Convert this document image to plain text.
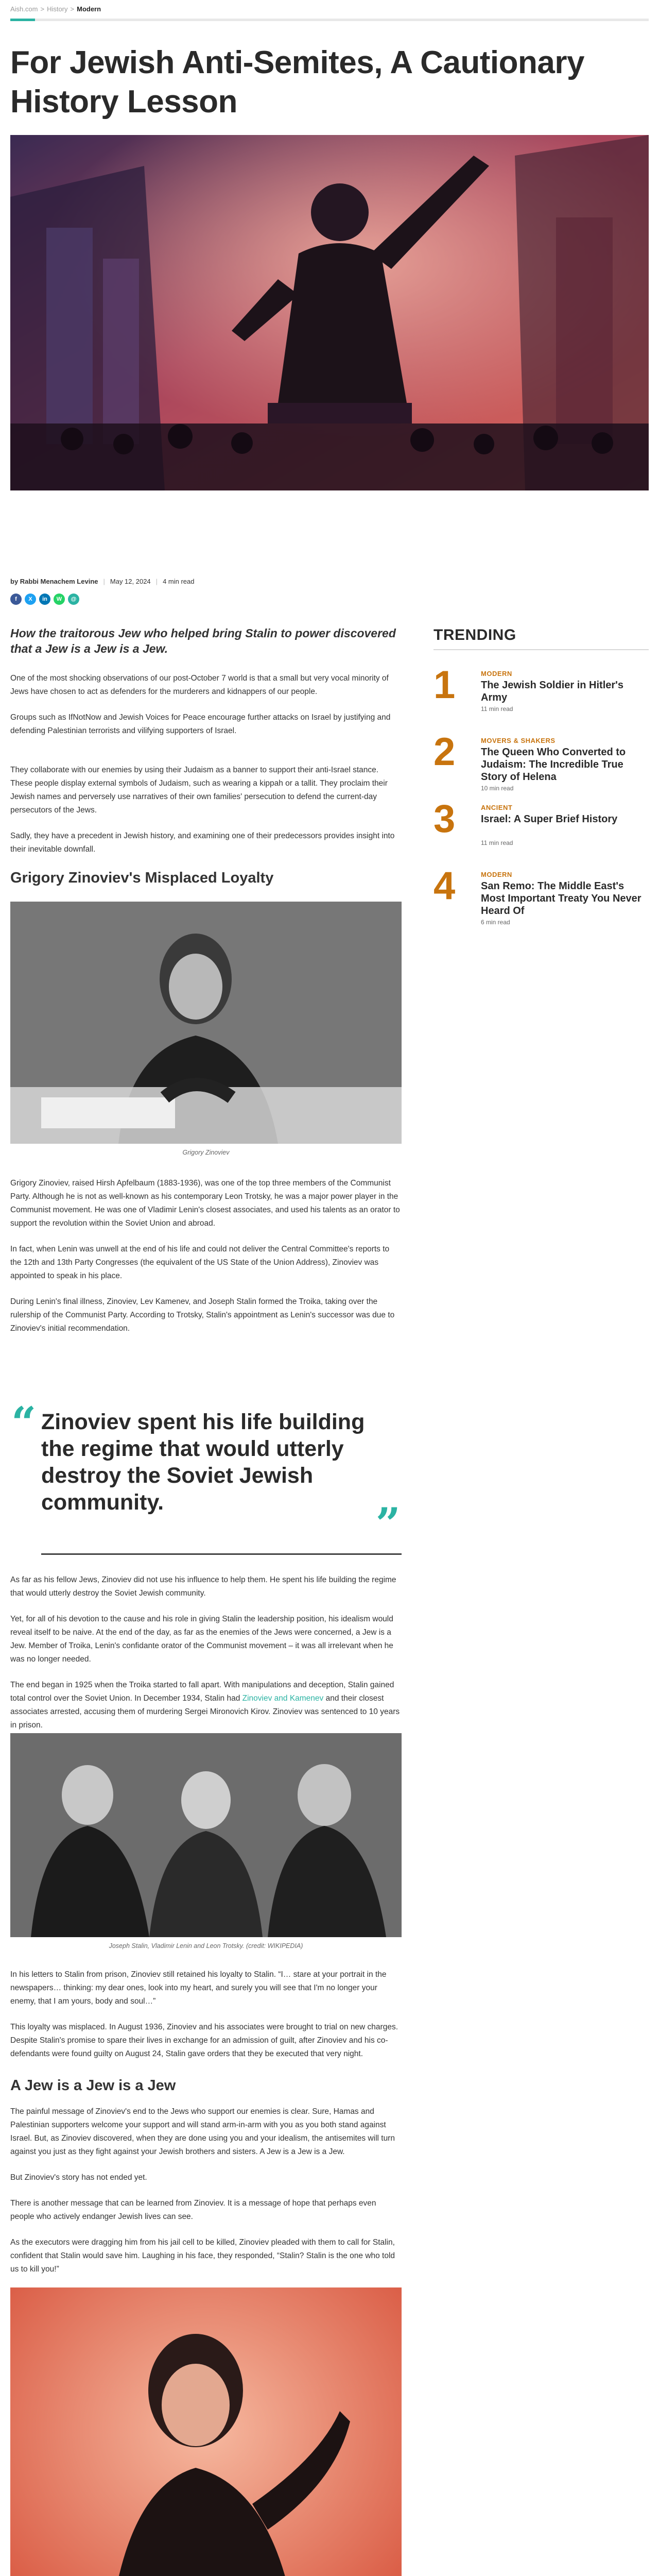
Aish.com > History > Modern
For Jewish Anti-Semites, A Cautionary History Lesson
by Rabbi Menachem Levine | May 12, 2024 | 4 min read
f	X	in	W	@
How the traitorous Jew who helped bring Stalin to power discovered that a Jew is a Jew is a Jew.

One of the most shocking observations of our post-October 7 world is that a small but very vocal minority of Jews have chosen to act as defenders for the murderers and kidnappers of our people.

Groups such as IfNotNow and Jewish Voices for Peace encourage further attacks on Israel by justifying and defending Palestinian terrorists and vilifying supporters of Israel.

They collaborate with our enemies by using their Judaism as a banner to support their anti-Israel stance. These people display external symbols of Judaism, such as wearing a kippah or a tallit. They proclaim their Jewish names and perversely use narratives of their own families' persecution to defend the current-day persecutors of the Jews.

Sadly, they have a precedent in Jewish history, and examining one of their predecessors provides insight into their inevitable downfall.

Grigory Zinoviev's Misplaced Loyalty
Grigory Zinoviev

Grigory Zinoviev, raised Hirsh Apfelbaum (1883-1936), was one of the top three members of the Communist Party. Although he is not as well-known as his contemporary Leon Trotsky, he was a major power player in the Communist movement. He was one of Vladimir Lenin's closest associates, and used his talents as an orator to support the revolution within the Soviet Union and abroad.

In fact, when Lenin was unwell at the end of his life and could not deliver the Central Committee's reports to the 12th and 13th Party Congresses (the equivalent of the US State of the Union Address), Zinoviev was appointed to speak in his place.

During Lenin's final illness, Zinoviev, Lev Kamenev, and Joseph Stalin formed the Troika, taking over the rulership of the Communist Party. According to Trotsky, Stalin's appointment as Lenin's successor was due to Zinoviev's initial recommendation.

“ Zinoviev spent his life building the regime that would utterly destroy the Soviet Jewish community.	”

As far as his fellow Jews, Zinoviev did not use his influence to help them. He spent his life building the regime that would utterly destroy the Soviet Jewish community.

Yet, for all of his devotion to the cause and his role in giving Stalin the leadership position, his idealism would reveal itself to be naive. At the end of the day, as far as the enemies of the Jews were concerned, a Jew is a Jew. Member of Troika, Lenin's confidante orator of the Communist movement – it was all irrelevant when he was no longer needed.

The end began in 1925 when the Troika started to fall apart. With manipulations and deception, Stalin gained total control over the Soviet Union. In December 1934, Stalin had Zinoviev and Kamenev and their closest associates arrested, accusing them of murdering Sergei Mironovich Kirov. Zinoviev was sentenced to 10 years in prison.

Joseph Stalin, Vladimir Lenin and Leon Trotsky. (credit: WIKIPEDIA)

In his letters to Stalin from prison, Zinoviev still retained his loyalty to Stalin. “I… stare at your portrait in the newspapers… thinking: my dear ones, look into my heart, and surely you will see that I'm no longer your enemy, that I am yours, body and soul…”

This loyalty was misplaced. In August 1936, Zinoviev and his associates were brought to trial on new charges. Despite Stalin's promise to spare their lives in exchange for an admission of guilt, after Zinoviev and his co-defendants were found guilty on August 24, Stalin gave orders that they be executed that very night.

A Jew is a Jew is a Jew

The painful message of Zinoviev's end to the Jews who support our enemies is clear. Sure, Hamas and Palestinian supporters welcome your support and will stand arm-in-arm with you as you both stand against Israel. But, as Zinoviev discovered, when they are done using you and your idealism, the antisemites will turn against you just as they fight against your Jewish brothers and sisters. A Jew is a Jew is a Jew.

But Zinoviev's story has not ended yet.

There is another message that can be learned from Zinoviev. It is a message of hope that perhaps even people who actively endanger Jewish lives can see.

As the executors were dragging him from his jail cell to be killed, Zinoviev pleaded with them to call for Stalin, confident that Stalin would save him. Laughing in his face, they responded, “Stalin? Stalin is the one who told us to kill you!”

TRENDING
1	MODERN
The Jewish Soldier in Hitler's Army
11 min read
2	MOVERS & SHAKERS
The Queen Who Converted to Judaism: The Incredible True Story of Helena
10 min read
3	ANCIENT
Israel: A Super Brief History
11 min read
4	MODERN
San Remo: The Middle East's Most Important Treaty You Never Heard Of
6 min read
